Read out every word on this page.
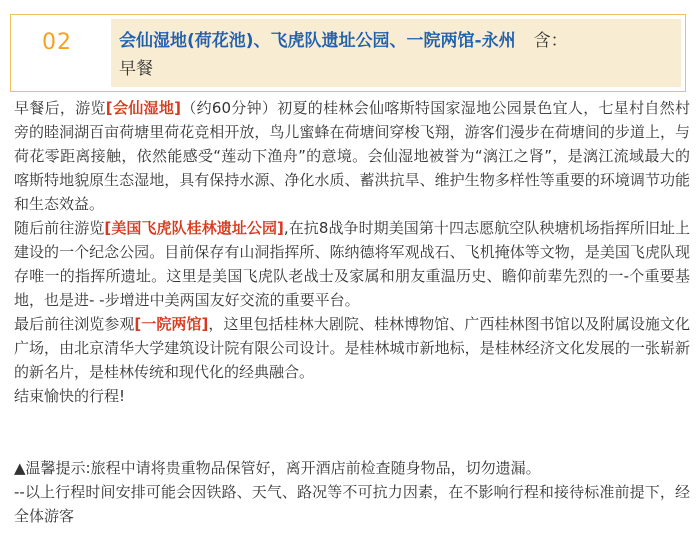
02	会仙湿地(荷花池)、飞虎队遗址公园、一院两馆-永州 含：
早餐

早餐后，游览[会仙湿地]（约60分钟）初夏的桂林会仙喀斯特国家湿地公园景色宜人，七星村自然村旁的睦洞湖百亩荷塘里荷花竞相开放，鸟儿蜜蜂在荷塘间穿梭飞翔，游客们漫步在荷塘间的步道上，与荷花零距离接触，依然能感受“莲动下渔舟”的意境。会仙湿地被誉为“漓江之肾”，是漓江流域最大的喀斯特地貌原生态湿地，具有保持水源、净化水质、蓄洪抗旱、维护生物多样性等重要的环境调节功能和生态效益。

随后前往游览[美国飞虎队桂林遗址公园],在抗8战争时期美国第十四志愿航空队秧塘机场指挥所旧址上建设的一个纪念公园。目前保存有山洞指挥所、陈纳德将军观战石、飞机掩体等文物，是美国飞虎队现存唯一的指挥所遗址。这里是美国飞虎队老战士及家属和朋友重温历史、瞻仰前辈先烈的一-个重要基地，也是进- -步增进中美两国友好交流的重要平台。

最后前往浏览参观[一院两馆]，这里包括桂林大剧院、桂林博物馆、广西桂林图书馆以及附属设施文化广场，由北京清华大学建筑设计院有限公司设计。是桂林城市新地标，是桂林经济文化发展的一张崭新的新名片，是桂林传统和现代化的经典融合。

结束愉快的行程!

▲温馨提示:旅程中请将贵重物品保管好，离开酒店前检查随身物品，切勿遗漏。

--以上行程时间安排可能会因铁路、天气、路况等不可抗力因素，在不影响行程和接待标准前提下，经全体游客
